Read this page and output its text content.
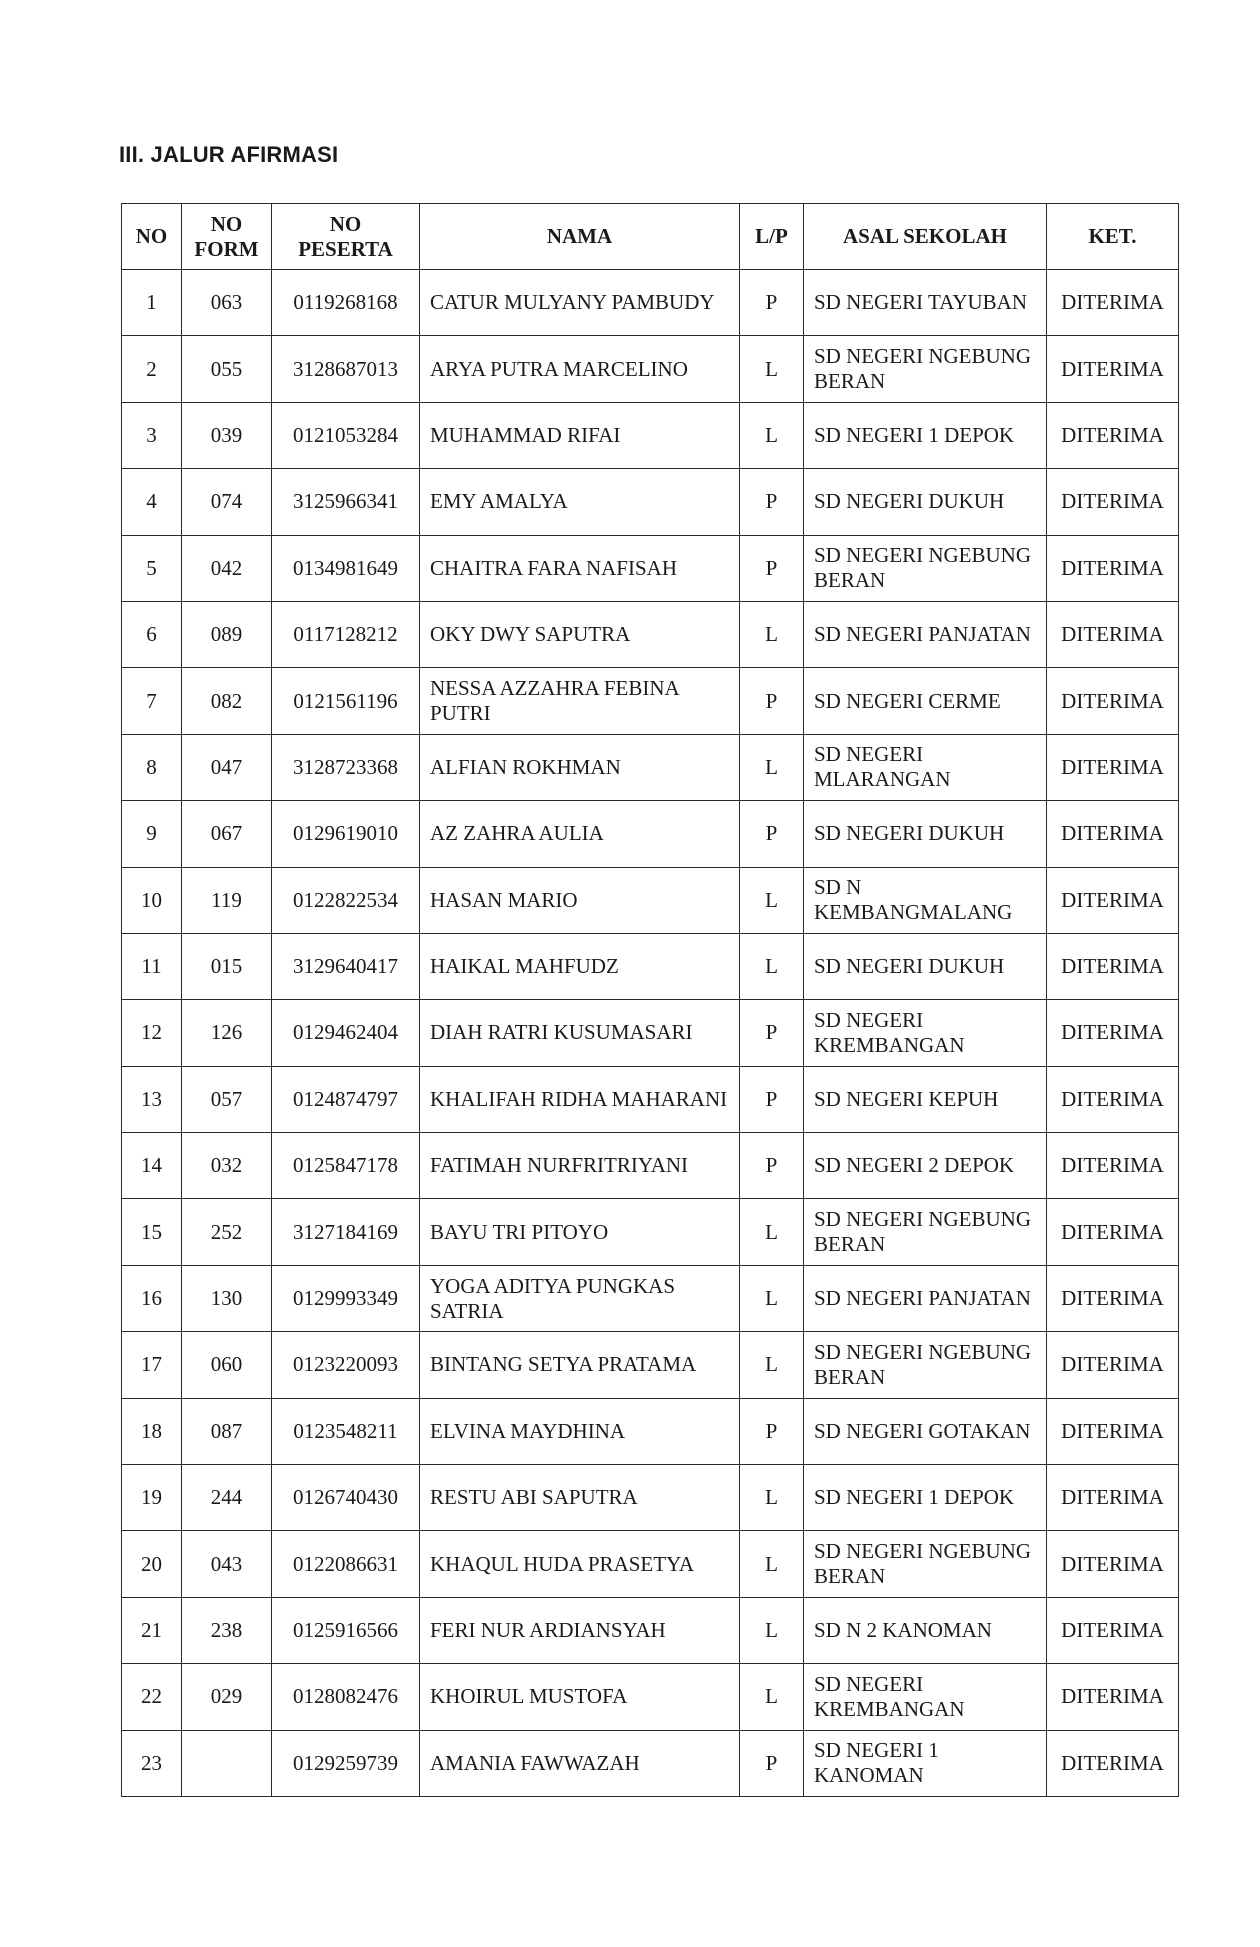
III. JALUR AFIRMASI
NO	NO FORM	NO PESERTA	NAMA	L/P	ASAL SEKOLAH	KET.
1	063	0119268168	CATUR MULYANY PAMBUDY	P	SD NEGERI TAYUBAN	DITERIMA
2	055	3128687013	ARYA PUTRA MARCELINO	L	SD NEGERI NGEBUNG BERAN	DITERIMA
3	039	0121053284	MUHAMMAD RIFAI	L	SD NEGERI 1 DEPOK	DITERIMA
4	074	3125966341	EMY AMALYA	P	SD NEGERI DUKUH	DITERIMA
5	042	0134981649	CHAITRA FARA NAFISAH	P	SD NEGERI NGEBUNG BERAN	DITERIMA
6	089	0117128212	OKY DWY SAPUTRA	L	SD NEGERI PANJATAN	DITERIMA
7	082	0121561196	NESSA AZZAHRA FEBINA PUTRI	P	SD NEGERI CERME	DITERIMA
8	047	3128723368	ALFIAN ROKHMAN	L	SD NEGERI MLARANGAN	DITERIMA
9	067	0129619010	AZ ZAHRA AULIA	P	SD NEGERI DUKUH	DITERIMA
10	119	0122822534	HASAN MARIO	L	SD N KEMBANGMALANG	DITERIMA
11	015	3129640417	HAIKAL MAHFUDZ	L	SD NEGERI DUKUH	DITERIMA
12	126	0129462404	DIAH RATRI KUSUMASARI	P	SD NEGERI KREMBANGAN	DITERIMA
13	057	0124874797	KHALIFAH RIDHA MAHARANI	P	SD NEGERI KEPUH	DITERIMA
14	032	0125847178	FATIMAH NURFRITRIYANI	P	SD NEGERI 2 DEPOK	DITERIMA
15	252	3127184169	BAYU TRI PITOYO	L	SD NEGERI NGEBUNG BERAN	DITERIMA
16	130	0129993349	YOGA ADITYA PUNGKAS SATRIA	L	SD NEGERI PANJATAN	DITERIMA
17	060	0123220093	BINTANG SETYA PRATAMA	L	SD NEGERI NGEBUNG BERAN	DITERIMA
18	087	0123548211	ELVINA MAYDHINA	P	SD NEGERI GOTAKAN	DITERIMA
19	244	0126740430	RESTU ABI SAPUTRA	L	SD NEGERI 1 DEPOK	DITERIMA
20	043	0122086631	KHAQUL HUDA PRASETYA	L	SD NEGERI NGEBUNG BERAN	DITERIMA
21	238	0125916566	FERI NUR ARDIANSYAH	L	SD N 2 KANOMAN	DITERIMA
22	029	0128082476	KHOIRUL MUSTOFA	L	SD NEGERI KREMBANGAN	DITERIMA
23		0129259739	AMANIA FAWWAZAH	P	SD NEGERI 1 KANOMAN	DITERIMA
